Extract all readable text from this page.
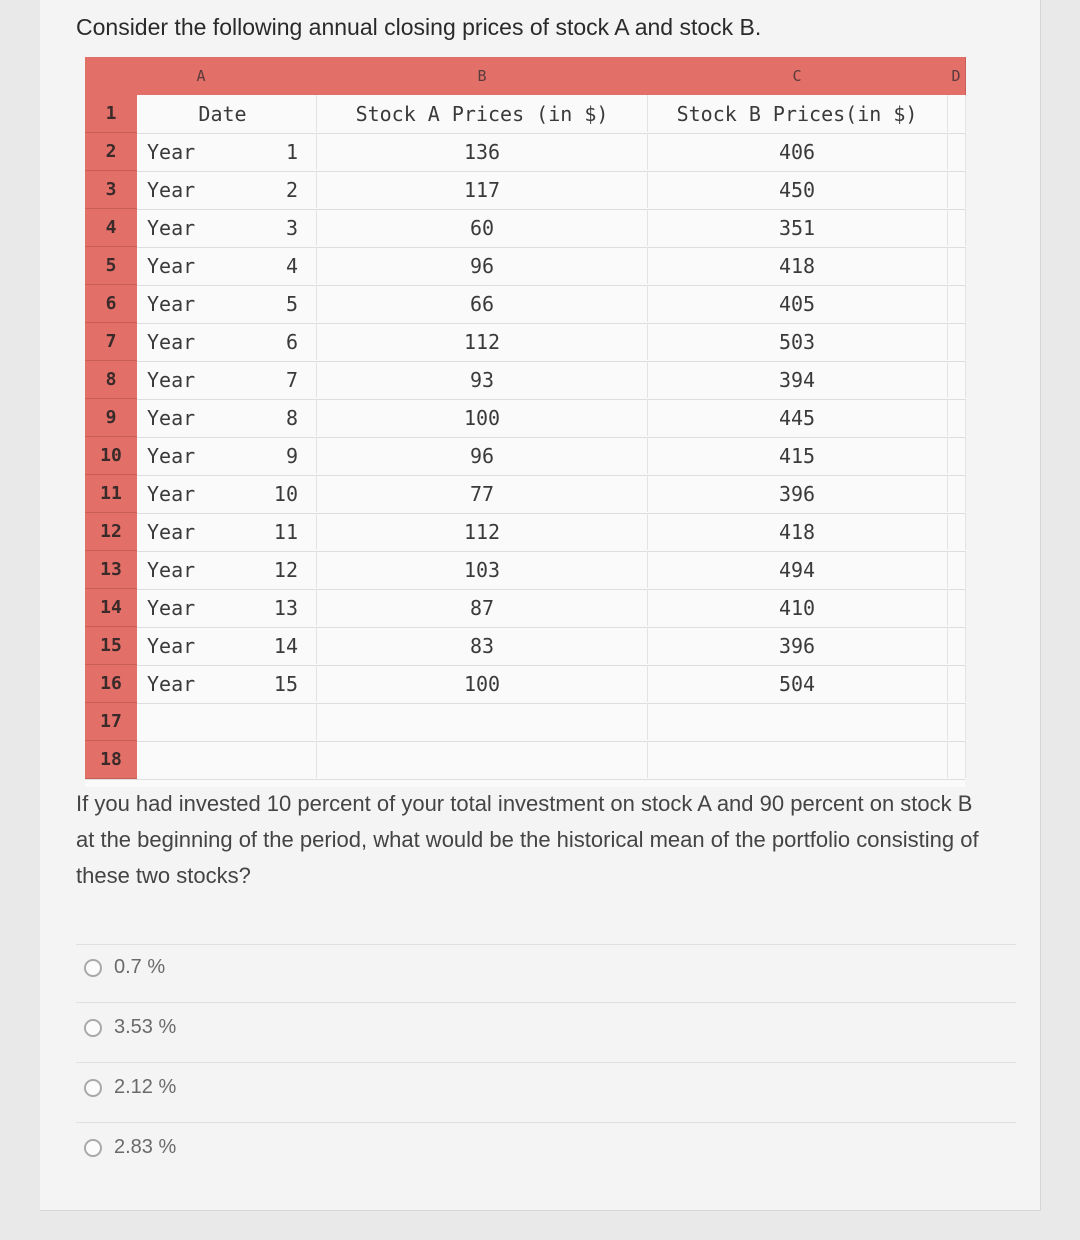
Consider the following annual closing prices of stock A and stock B.

A	B	C	D
1	Date	Stock A Prices (in $)	Stock B Prices(in $)
2	Year	1	136	406
3	Year	2	117	450
4	Year	3	60	351
5	Year	4	96	418
6	Year	5	66	405
7	Year	6	112	503
8	Year	7	93	394
9	Year	8	100	445
10	Year	9	96	415
11	Year	10	77	396
12	Year	11	112	418
13	Year	12	103	494
14	Year	13	87	410
15	Year	14	83	396
16	Year	15	100	504
17
18
If you had invested 10 percent of your total investment on stock A and 90 percent on stock B at the beginning of the period, what would be the historical mean of the portfolio consisting of these two stocks?
0.7 %
3.53 %
2.12 %
2.83 %
